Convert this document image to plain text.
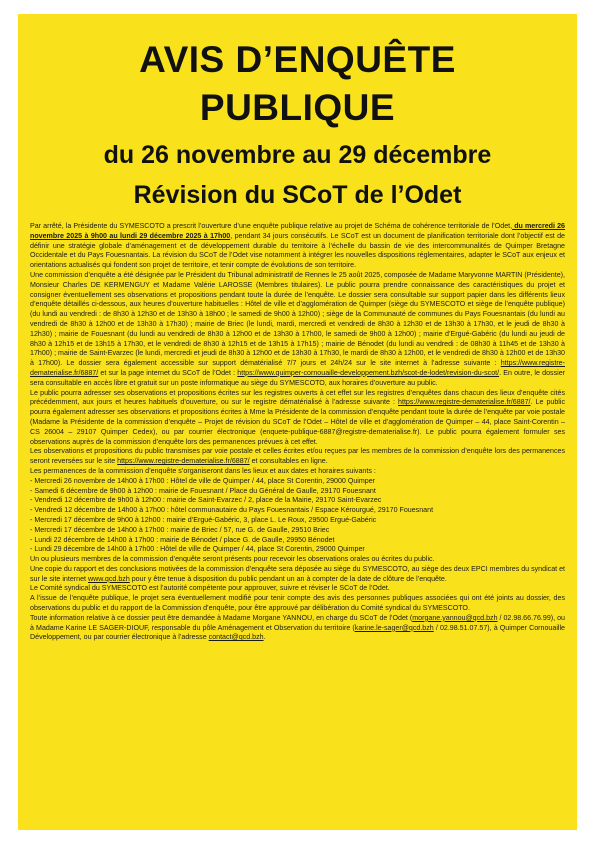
AVIS D’ENQUÊTE
PUBLIQUE
du 26 novembre au 29 décembre
Révision du SCoT de l’Odet

Par arrêté, la Présidente du SYMESCOTO a prescrit l’ouverture d’une enquête publique relative au projet de Schéma de cohérence territoriale de l’Odet, du mercredi 26 novembre 2025 à 9h00 au lundi 29 décembre 2025 à 17h00, pendant 34 jours consécutifs. Le SCoT est un document de planification territoriale dont l’objectif est de définir une stratégie globale d’aménagement et de développement durable du territoire à l’échelle du bassin de vie des intercommunalités de Quimper Bretagne Occidentale et du Pays Fouesnantais. La révision du SCoT de l’Odet vise notamment à intégrer les nouvelles dispositions réglementaires, adapter le SCoT aux enjeux et orientations actualisés qui fondent son projet de territoire, et tenir compte de évolutions de son territoire.

Une commission d’enquête a été désignée par le Président du Tribunal administratif de Rennes le 25 août 2025, composée de Madame Maryvonne MARTIN (Présidente), Monsieur Charles DE KERMENGUY et Madame Valérie LAROSSE (Membres titulaires). Le public pourra prendre connaissance des caractéristiques du projet et consigner éventuellement ses observations et propositions pendant toute la durée de l’enquête. Le dossier sera consultable sur support papier dans les différents lieux d’enquête détaillés ci-dessous, aux heures d’ouverture habituelles : Hôtel de ville et d’agglomération de Quimper (siège du SYMESCOTO et siège de l’enquête publique) (du lundi au vendredi : de 8h30 à 12h30 et de 13h30 à 18h00 ; le samedi de 9h00 à 12h00) ; siège de la Communauté de communes du Pays Fouesnantais (du lundi au vendredi de 8h30 à 12h00 et de 13h30 à 17h30) ; mairie de Briec (le lundi, mardi, mercredi et vendredi de 8h30 à 12h30 et de 13h30 à 17h30, et le jeudi de 8h30 à 12h30) ; mairie de Fouesnant (du lundi au vendredi de 8h30 à 12h00 et de 13h30 à 17h00, le samedi de 9h00 à 12h00) ; mairie d’Ergué-Gabéric (du lundi au jeudi de 8h30 à 12h15 et de 13h15 à 17h30, et le vendredi de 8h30 à 12h15 et de 13h15 à 17h15) ; mairie de Bénodet (du lundi au vendredi : de 08h30 à 11h45 et de 13h30 à 17h00) ; mairie de Saint-Evarzec (le lundi, mercredi et jeudi de 8h30 à 12h00 et de 13h30 à 17h30, le mardi de 8h30 à 12h00, et le vendredi de 8h30 à 12h00 et de 13h30 à 17h00). Le dossier sera également accessible sur support dématérialisé 7/7 jours et 24h/24 sur le site internet à l’adresse suivante : https://www.registre-dematerialise.fr/6887/ et sur la page internet du SCoT de l’Odet : https://www.quimper-cornouaille-developpement.bzh/scot-de-lodet/revision-du-scot/. En outre, le dossier sera consultable en accès libre et gratuit sur un poste informatique au siège du SYMESCOTO, aux horaires d’ouverture au public.

Le public pourra adresser ses observations et propositions écrites sur les registres ouverts à cet effet sur les registres d’enquêtes dans chacun des lieux d’enquête cités précédemment, aux jours et heures habituels d’ouverture, ou sur le registre dématérialisé à l’adresse suivante : https://www.registre-dematerialise.fr/6887/. Le public pourra également adresser ses observations et propositions écrites à Mme la Présidente de la commission d’enquête pendant toute la durée de l’enquête par voie postale (Madame la Présidente de la commission d’enquête – Projet de révision du SCoT de l’Odet – Hôtel de ville et d’agglomération de Quimper – 44, place Saint-Corentin – CS 26004 – 29107 Quimper Cedex), ou par courrier électronique (enquete-publique-6887@registre-dematerialise.fr). Le public pourra également formuler ses observations auprès de la commission d’enquête lors des permanences prévues à cet effet.

Les observations et propositions du public transmises par voie postale et celles écrites et/ou reçues par les membres de la commission d’enquête lors des permanences seront reversées sur le site https://www.registre-dematerialise.fr/6887/ et consultables en ligne.

Les permanences de la commission d’enquête s’organiseront dans les lieux et aux dates et horaires suivants :

- Mercredi 26 novembre de 14h00 à 17h00 : Hôtel de ville de Quimper / 44, place St Corentin, 29000 Quimper
- Samedi 6 décembre de 9h00 à 12h00 : mairie de Fouesnant / Place du Général de Gaulle, 29170 Fouesnant
- Vendredi 12 décembre de 9h00 à 12h00 : mairie de Saint-Evarzec / 2, place de la Mairie, 29170 Saint-Evarzec
- Vendredi 12 décembre de 14h00 à 17h00 : hôtel communautaire du Pays Fouesnantais / Espace Kérourgué, 29170 Fouesnant
- Mercredi 17 décembre de 9h00 à 12h00 : mairie d’Ergué-Gabéric, 3, place L. Le Roux, 29500 Ergué-Gabéric
- Mercredi 17 décembre de 14h00 à 17h00 : mairie de Briec / 57, rue G. de Gaulle, 29510 Briec
- Lundi 22 décembre de 14h00 à 17h00 : mairie de Bénodet / place G. de Gaulle, 29950 Bénodet
- Lundi 29 décembre de 14h00 à 17h00 : Hôtel de ville de Quimper / 44, place St Corentin, 29000 Quimper

Un ou plusieurs membres de la commission d’enquête seront présents pour recevoir les observations orales ou écrites du public.

Une copie du rapport et des conclusions motivées de la commission d’enquête sera déposée au siège du SYMESCOTO, au siège des deux EPCI membres du syndicat et sur le site internet www.qcd.bzh pour y être tenue à disposition du public pendant un an à compter de la date de clôture de l’enquête.

Le Comité syndical du SYMESCOTO est l’autorité compétente pour approuver, suivre et réviser le SCoT de l’Odet.

A l’issue de l’enquête publique, le projet sera éventuellement modifié pour tenir compte des avis des personnes publiques associées qui ont été joints au dossier, des observations du public et du rapport de la Commission d’enquête, pour être approuvé par délibération du Comité syndical du SYMESCOTO.

Toute information relative à ce dossier peut être demandée à Madame Morgane YANNOU, en charge du SCoT de l’Odet (morgane.yannou@qcd.bzh / 02.98.66.76.99), ou à Madame Karine LE SAGER-DIOUF, responsable du pôle Aménagement et Observation du territoire (karine.le-sager@qcd.bzh / 02.98.51.07.57), à Quimper Cornouaille Développement, ou par courrier électronique à l’adresse contact@qcd.bzh.
